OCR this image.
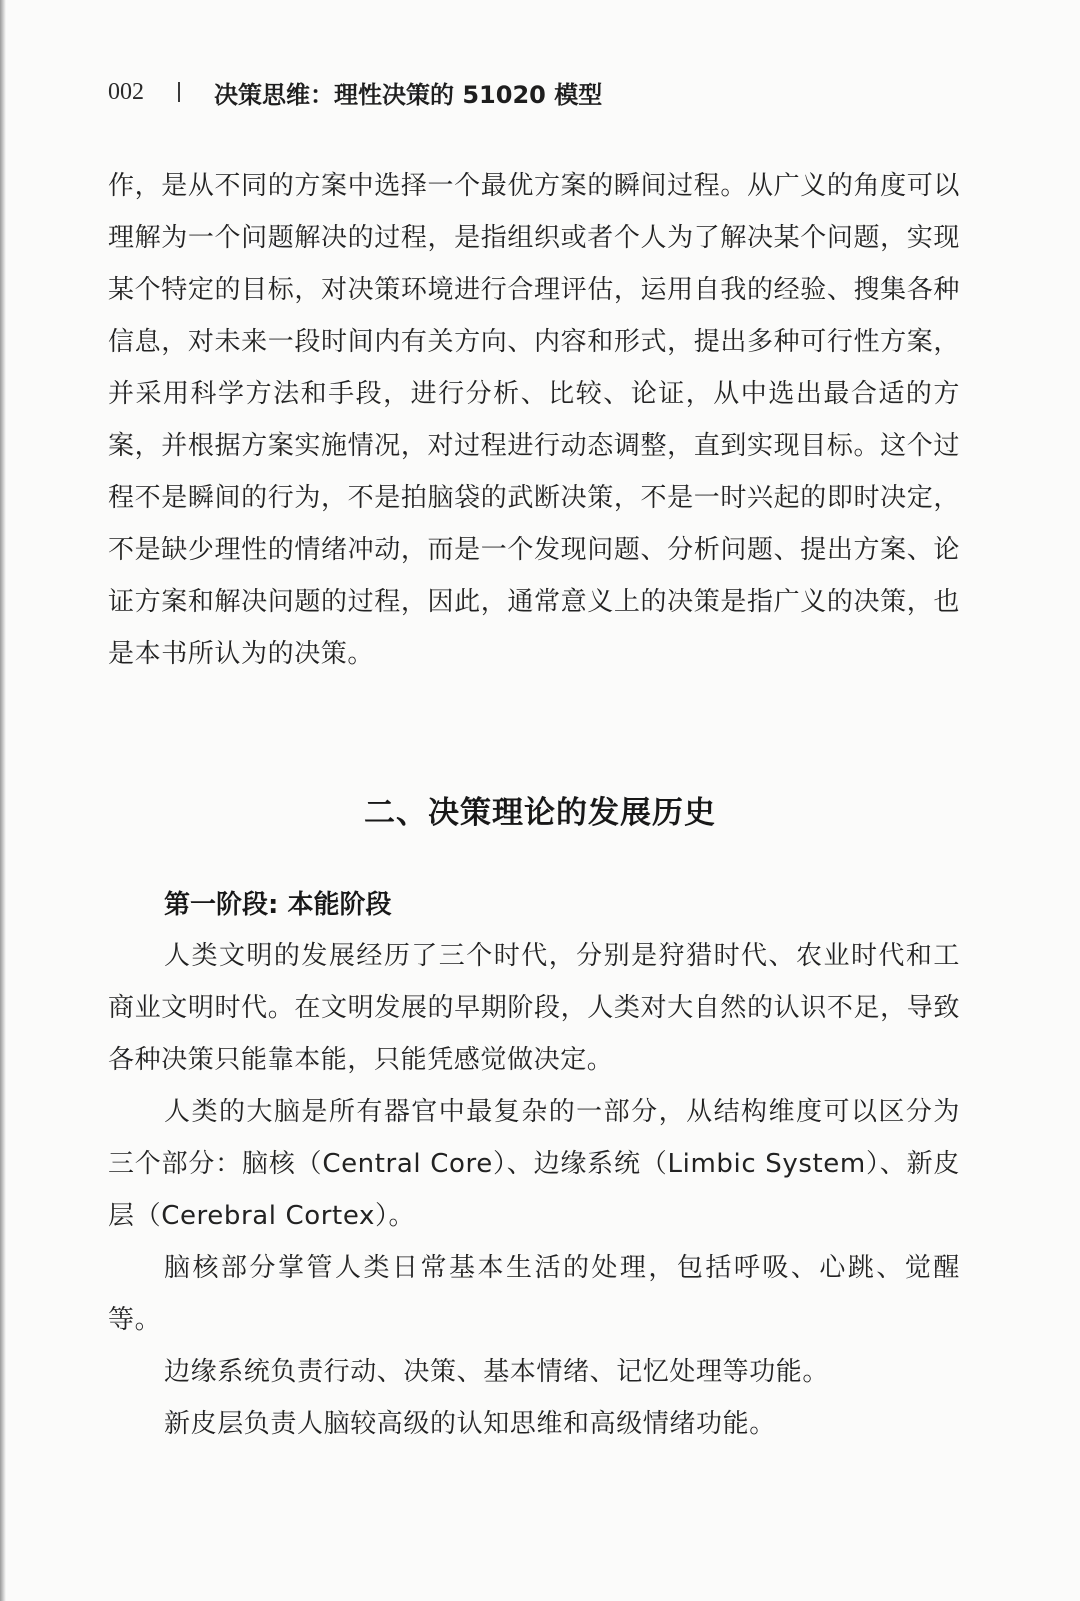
002	决策思维：理性决策的 51020 模型

作，是从不同的方案中选择一个最优方案的瞬间过程。从广义的角度可以理解为一个问题解决的过程，是指组织或者个人为了解决某个问题，实现某个特定的目标，对决策环境进行合理评估，运用自我的经验、搜集各种信息，对未来一段时间内有关方向、内容和形式，提出多种可行性方案，并采用科学方法和手段，进行分析、比较、论证，从中选出最合适的方案，并根据方案实施情况，对过程进行动态调整，直到实现目标。这个过程不是瞬间的行为，不是拍脑袋的武断决策，不是一时兴起的即时决定，不是缺少理性的情绪冲动，而是一个发现问题、分析问题、提出方案、论证方案和解决问题的过程，因此，通常意义上的决策是指广义的决策，也是本书所认为的决策。

二、决策理论的发展历史
第一阶段: 本能阶段

人类文明的发展经历了三个时代，分别是狩猎时代、农业时代和工商业文明时代。在文明发展的早期阶段，人类对大自然的认识不足，导致各种决策只能靠本能，只能凭感觉做决定。

人类的大脑是所有器官中最复杂的一部分，从结构维度可以区分为三个部分：脑核（Central Core）、边缘系统（Limbic System）、新皮层（Cerebral Cortex）。

脑核部分掌管人类日常基本生活的处理，包括呼吸、心跳、觉醒等。

边缘系统负责行动、决策、基本情绪、记忆处理等功能。

新皮层负责人脑较高级的认知思维和高级情绪功能。
